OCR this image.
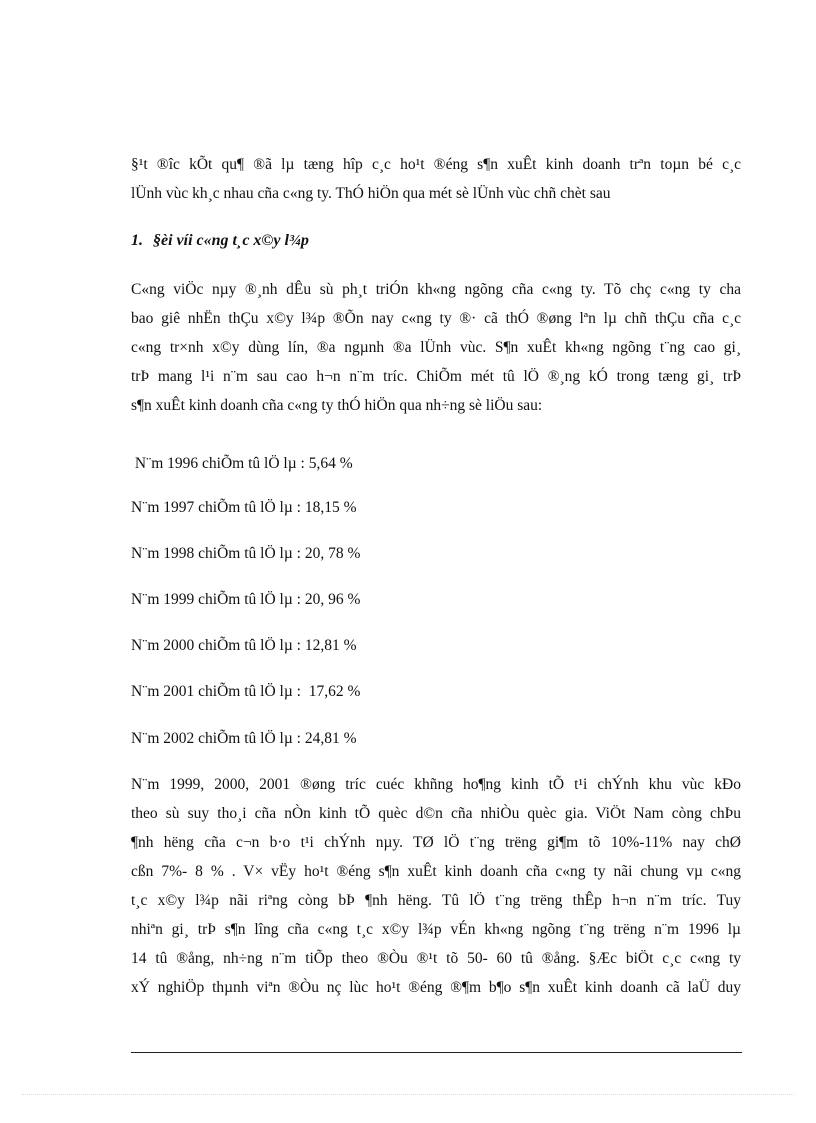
§¹t ®îc kÕt qu¶ ®ã lµ tæng hîp c¸c ho¹t ®éng s¶n xuÊt kinh doanh trªn toµn bé c¸c
lÜnh vùc kh¸c nhau cña c«ng ty. ThÓ hiÖn qua mét sè lÜnh vùc chñ chèt sau

1. §èi víi c«ng t¸c x©y l¾p

C«ng viÖc nµy ®¸nh dÊu sù ph¸t triÓn kh«ng ngõng cña c«ng ty. Tõ chç c«ng ty cha
bao giê nhËn thÇu x©y l¾p ®Õn nay c«ng ty ®· cã thÓ ®øng lªn lµ chñ thÇu cña c¸c
c«ng tr×nh x©y dùng lín, ®a ngµnh ®a lÜnh vùc. S¶n xuÊt kh«ng ngõng t¨ng cao gi¸
trÞ mang l¹i n¨m sau cao h¬n n¨m tríc. ChiÕm mét tû lÖ ®¸ng kÓ trong tæng gi¸ trÞ
s¶n xuÊt kinh doanh cña c«ng ty thÓ hiÖn qua nh÷ng sè liÖu sau:

N¨m 1996 chiÕm tû lÖ lµ : 5,64 %

N¨m 1997 chiÕm tû lÖ lµ : 18,15 %

N¨m 1998 chiÕm tû lÖ lµ : 20, 78 %

N¨m 1999 chiÕm tû lÖ lµ : 20, 96 %

N¨m 2000 chiÕm tû lÖ lµ : 12,81 %

N¨m 2001 chiÕm tû lÖ lµ :  17,62 %

N¨m 2002 chiÕm tû lÖ lµ : 24,81 %

N¨m 1999, 2000, 2001 ®øng tríc cuéc khñng ho¶ng kinh tÕ t¹i chÝnh khu vùc kÐo
theo sù suy tho¸i cña nÒn kinh tÕ quèc d©n cña nhiÒu quèc gia. ViÖt Nam còng chÞu
¶nh hëng cña c¬n b·o t¹i chÝnh nµy. TØ lÖ t¨ng trëng gi¶m tõ 10%-11% nay chØ
cßn 7%- 8 % . V× vËy ho¹t ®éng s¶n xuÊt kinh doanh cña c«ng ty nãi chung vµ c«ng
t¸c x©y l¾p nãi riªng còng bÞ ¶nh hëng. Tû lÖ t¨ng trëng thÊp h¬n n¨m tríc. Tuy
nhiªn gi¸ trÞ s¶n lîng cña c«ng t¸c x©y l¾p vÉn kh«ng ngõng t¨ng trëng n¨m 1996 lµ
14 tû ®ång, nh÷ng n¨m tiÕp theo ®Òu ®¹t tõ 50- 60 tû ®ång. §Æc biÖt c¸c c«ng ty
xÝ nghiÖp thµnh viªn ®Òu nç lùc ho¹t ®éng ®¶m b¶o s¶n xuÊt kinh doanh cã laÜ duy
